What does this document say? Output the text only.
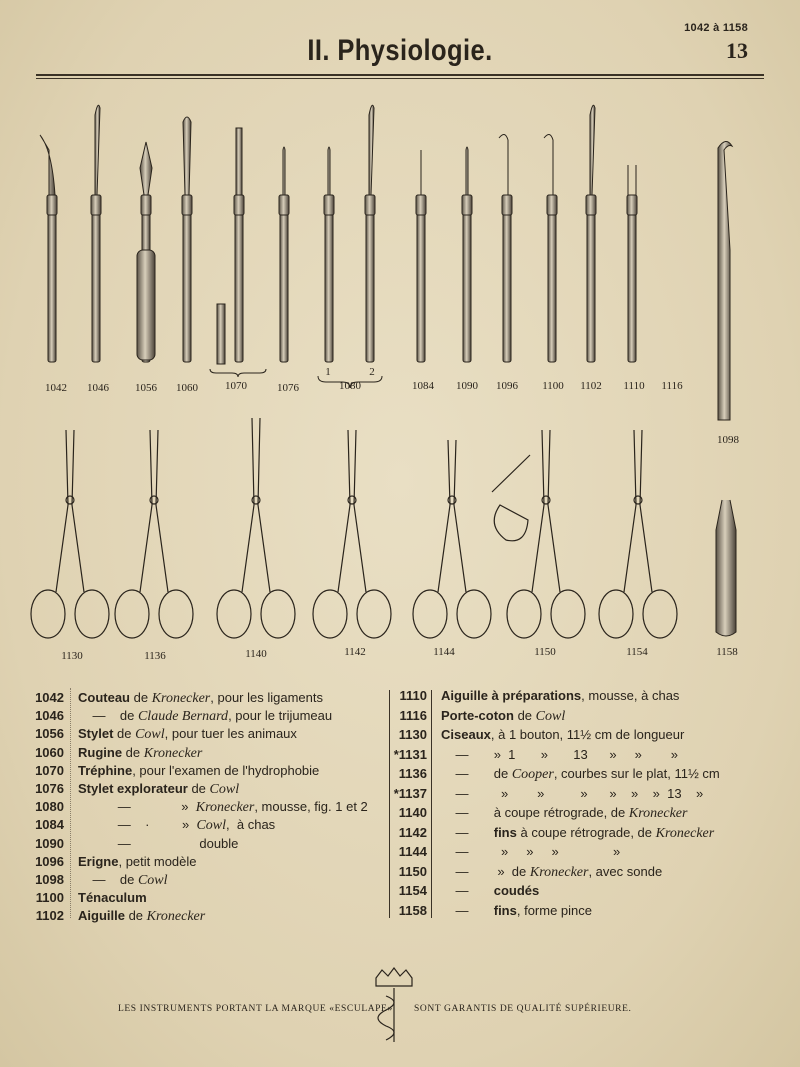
1042 à 1158
13
II. Physiologie.
1042 1046 1056 1060 1070	1076	1080	1084 1090 1096 1100 1102 1110 1116
1098
1	2
1130	1136	1140	1142	1144	1150	1154	1158
1042 Couteau de Kronecker, pour les ligaments
1046 —    de Claude Bernard, pour le trijumeau
1056 Stylet de Cowl, pour tuer les animaux
1060 Rugine de Kronecker
1070 Tréphine, pour l'examen de l'hydrophobie
1076 Stylet explorateur de Cowl
1080 —              »  Kronecker, mousse, fig. 1 et 2
1084 —    ·         »  Cowl,  à chas
1090 —                   double
1096 Erigne, petit modèle
1098 —    de Cowl
1100 Ténaculum
1102 Aiguille de Kronecker
1110 Aiguille à préparations, mousse, à chas
1116 Porte-coton de Cowl
1130 Ciseaux, à 1 bouton, 11½ cm de longueur
*1131 —       »  1       »       13      »     »        »
1136 —       de Cooper, courbes sur le plat, 11½ cm
*1137 —         »        »          »      »    »    »  13    »
1140 —       à coupe rétrograde, de Kronecker
1142 —       fins à coupe rétrograde, de Kronecker
1144 —         »     »     »               »
1150 —        »  de Kronecker, avec sonde
1154 —       coudés
1158 —       fins, forme pince
LES INSTRUMENTS PORTANT LA MARQUE «ESCULAPE» SONT GARANTIS DE QUALITÉ SUPÉRIEURE.
